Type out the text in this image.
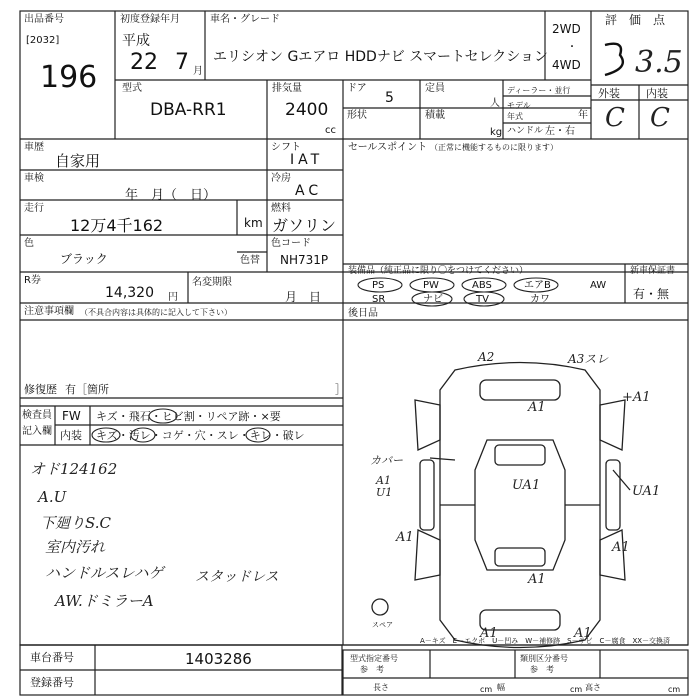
出品番号
[2032]
196
初度登録年月
平成
22 7 月
車名・グレード
エリシオン Gエアロ HDDナビ スマートセレクション
2WD
・
4WD
評　価　点
3.5
型式
DBA-RR1
排気量
2400
cc
ドア
5
定員
人
形状	積載
kg
ディーラー・並行
モデル 年式	年
ハンドル 左・右
外装 内装
C C
車歴
自家用
シフト
IAT
車検
年　月（　日）
冷房
AC
走行
12万4千162	km
燃料
ガソリン
色
ブラック	色替
色コード
NH731P
R券
14,320 円
名変期限
月　日
注意事項欄 （不具合内容は具体的に記入して下さい）
修復歴 有［箇所	］
セールスポイント （正常に機能するものに限ります）
装備品（純正品に限り〇をつけてください）
PS	PW	ABS	エアB	AW
SR	ナビ	TV	カワ
新車保証書
有・無
後日品
検査員
記入欄
FW キズ・飛石・ヒビ割・リペア跡・×要
内装 キズ・汚レ・コゲ・穴・スレ・キレ・破レ
オド124162
A.U
下廻りS.C
室内汚れ
ハンドルスレハゲ
AW.ドミラーA
スタッドレス
A2	A3スレ
A1
+A1
カバー
A1
U1	UA1	UA1
A1
A1
A1
A1	A1
スペア
A－キズ　E－エクボ　U－凹み　W－補修跡　S－サビ　C－腐食　XX－交換済
車台番号	1403286
登録番号
型式指定番号
参　考
類別区分番号
参　考
長さ	cm 幅	cm 高さ	cm
